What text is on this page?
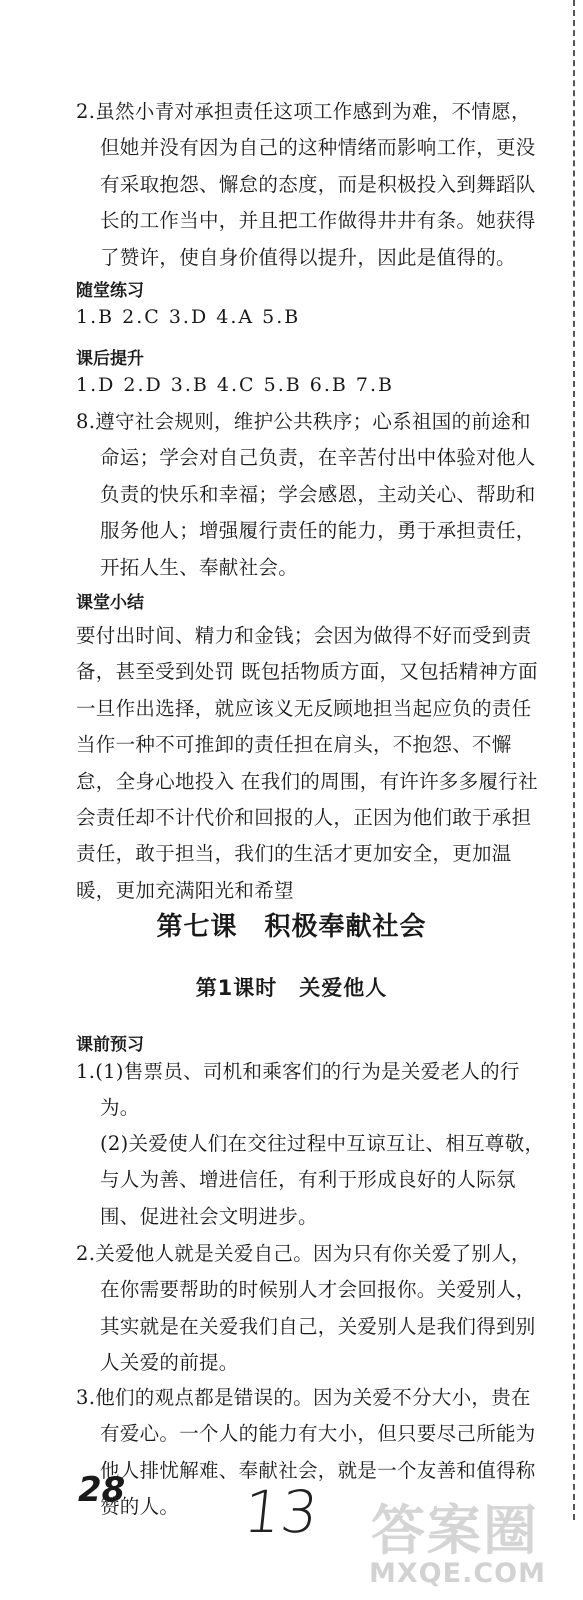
2.虽然小青对承担责任这项工作感到为难，不情愿，但她并没有因为自己的这种情绪而影响工作，更没有采取抱怨、懈怠的态度，而是积极投入到舞蹈队长的工作当中，并且把工作做得井井有条。她获得了赞许，使自身价值得以提升，因此是值得的。
随堂练习
1.B 2.C 3.D 4.A 5.B
课后提升
1.D 2.D 3.B 4.C 5.B 6.B 7.B
8.遵守社会规则，维护公共秩序；心系祖国的前途和命运；学会对自己负责，在辛苦付出中体验对他人负责的快乐和幸福；学会感恩，主动关心、帮助和服务他人；增强履行责任的能力，勇于承担责任，开拓人生、奉献社会。
课堂小结
要付出时间、精力和金钱；会因为做得不好而受到责备，甚至受到处罚 既包括物质方面，又包括精神方面 一旦作出选择，就应该义无反顾地担当起应负的责任 当作一种不可推卸的责任担在肩头，不抱怨、不懈怠，全身心地投入 在我们的周围，有许许多多履行社会责任却不计代价和回报的人，正因为他们敢于承担责任，敢于担当，我们的生活才更加安全，更加温暖，更加充满阳光和希望
第七课　积极奉献社会
第1课时　关爱他人
课前预习
1.(1)售票员、司机和乘客们的行为是关爱老人的行为。
(2)关爱使人们在交往过程中互谅互让、相互尊敬，与人为善、增进信任，有利于形成良好的人际氛围、促进社会文明进步。
2.关爱他人就是关爱自己。因为只有你关爱了别人，在你需要帮助的时候别人才会回报你。关爱别人，其实就是在关爱我们自己，关爱别人是我们得到别人关爱的前提。
3.他们的观点都是错误的。因为关爱不分大小，贵在有爱心。一个人的能力有大小，但只要尽己所能为他人排忧解难、奉献社会，就是一个友善和值得称赞的人。
28 13 答案圈
MXQE.COM
